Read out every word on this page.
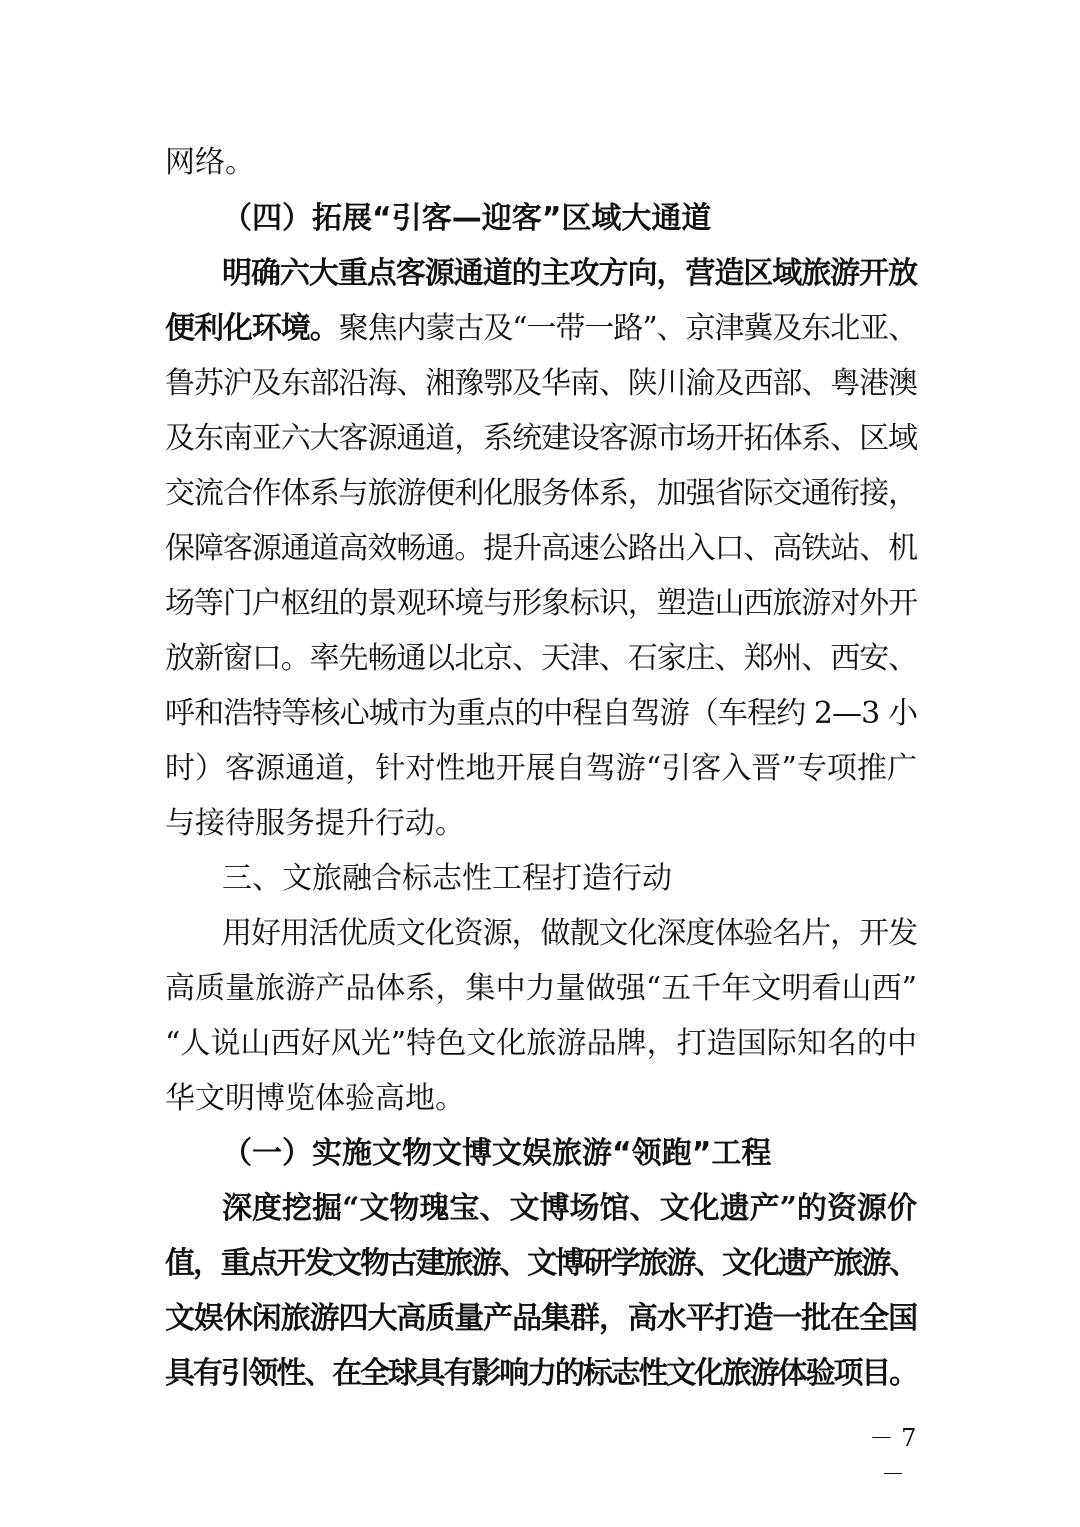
网络。
（四）拓展“引客—迎客”区域大通道
明确六大重点客源通道的主攻方向，营造区域旅游开放
便利化环境。聚焦内蒙古及“一带一路”、京津冀及东北亚、
鲁苏沪及东部沿海、湘豫鄂及华南、陕川渝及西部、粤港澳
及东南亚六大客源通道，系统建设客源市场开拓体系、区域
交流合作体系与旅游便利化服务体系，加强省际交通衔接，
保障客源通道高效畅通。提升高速公路出入口、高铁站、机
场等门户枢纽的景观环境与形象标识，塑造山西旅游对外开
放新窗口。率先畅通以北京、天津、石家庄、郑州、西安、
呼和浩特等核心城市为重点的中程自驾游（车程约 2—3 小
时）客源通道，针对性地开展自驾游“引客入晋”专项推广
与接待服务提升行动。
三、文旅融合标志性工程打造行动
用好用活优质文化资源，做靓文化深度体验名片，开发
高质量旅游产品体系，集中力量做强“五千年文明看山西”
“人说山西好风光”特色文化旅游品牌，打造国际知名的中
华文明博览体验高地。
（一）实施文物文博文娱旅游“领跑”工程
深度挖掘“文物瑰宝、文博场馆、文化遗产”的资源价
值，重点开发文物古建旅游、文博研学旅游、文化遗产旅游、
文娱休闲旅游四大高质量产品集群，高水平打造一批在全国
具有引领性、在全球具有影响力的标志性文化旅游体验项目。
－ 7 －
